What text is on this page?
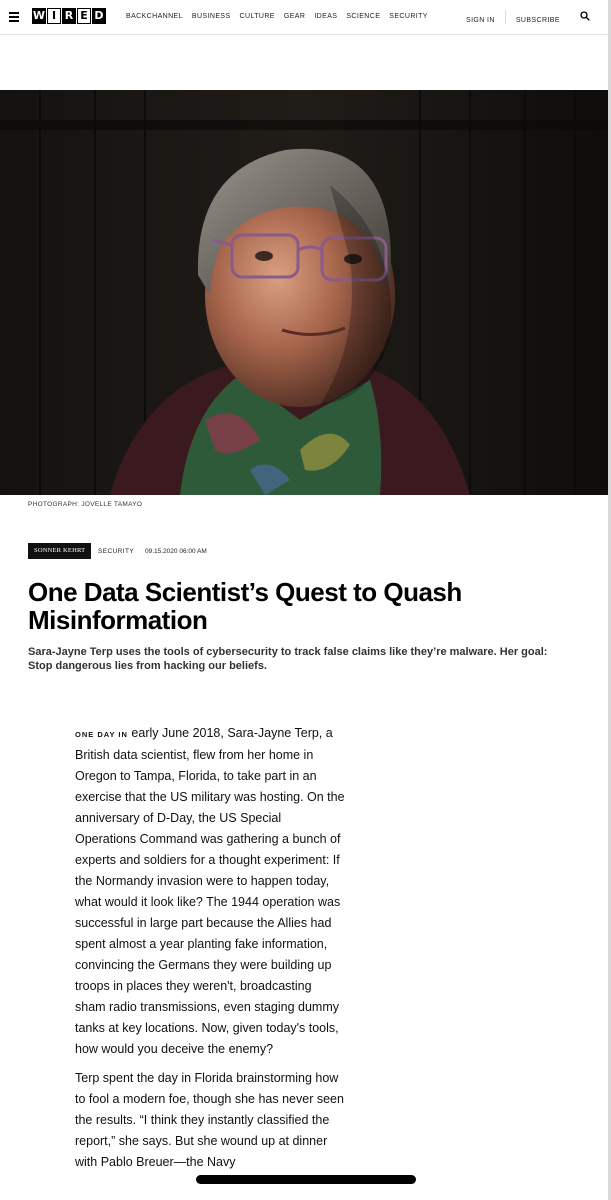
W I R E D	BACKCHANNEL BUSINESS CULTURE GEAR IDEAS SCIENCE SECURITY	SIGN IN	SUBSCRIBE
PHOTOGRAPH: JOVELLE TAMAYO
SONNER KEHRT	SECURITY 09.15.2020 06:00 AM
One Data Scientist’s Quest to Quash Misinformation
Sara-Jayne Terp uses the tools of cybersecurity to track false claims like they’re malware. Her goal: Stop dangerous lies from hacking our beliefs.

ONE DAY IN early June 2018, Sara-Jayne Terp, a British data scientist, flew from her home in Oregon to Tampa, Florida, to take part in an exercise that the US military was hosting. On the anniversary of D-Day, the US Special Operations Command was gathering a bunch of experts and soldiers for a thought experiment: If the Normandy invasion were to happen today, what would it look like? The 1944 operation was successful in large part because the Allies had spent almost a year planting fake information, convincing the Germans they were building up troops in places they weren't, broadcasting sham radio transmissions, even staging dummy tanks at key locations. Now, given today's tools, how would you deceive the enemy?

Terp spent the day in Florida brainstorming how to fool a modern foe, though she has never seen the results. “I think they instantly classified the report,” she says. But she wound up at dinner with Pablo Breuer—the Navy
